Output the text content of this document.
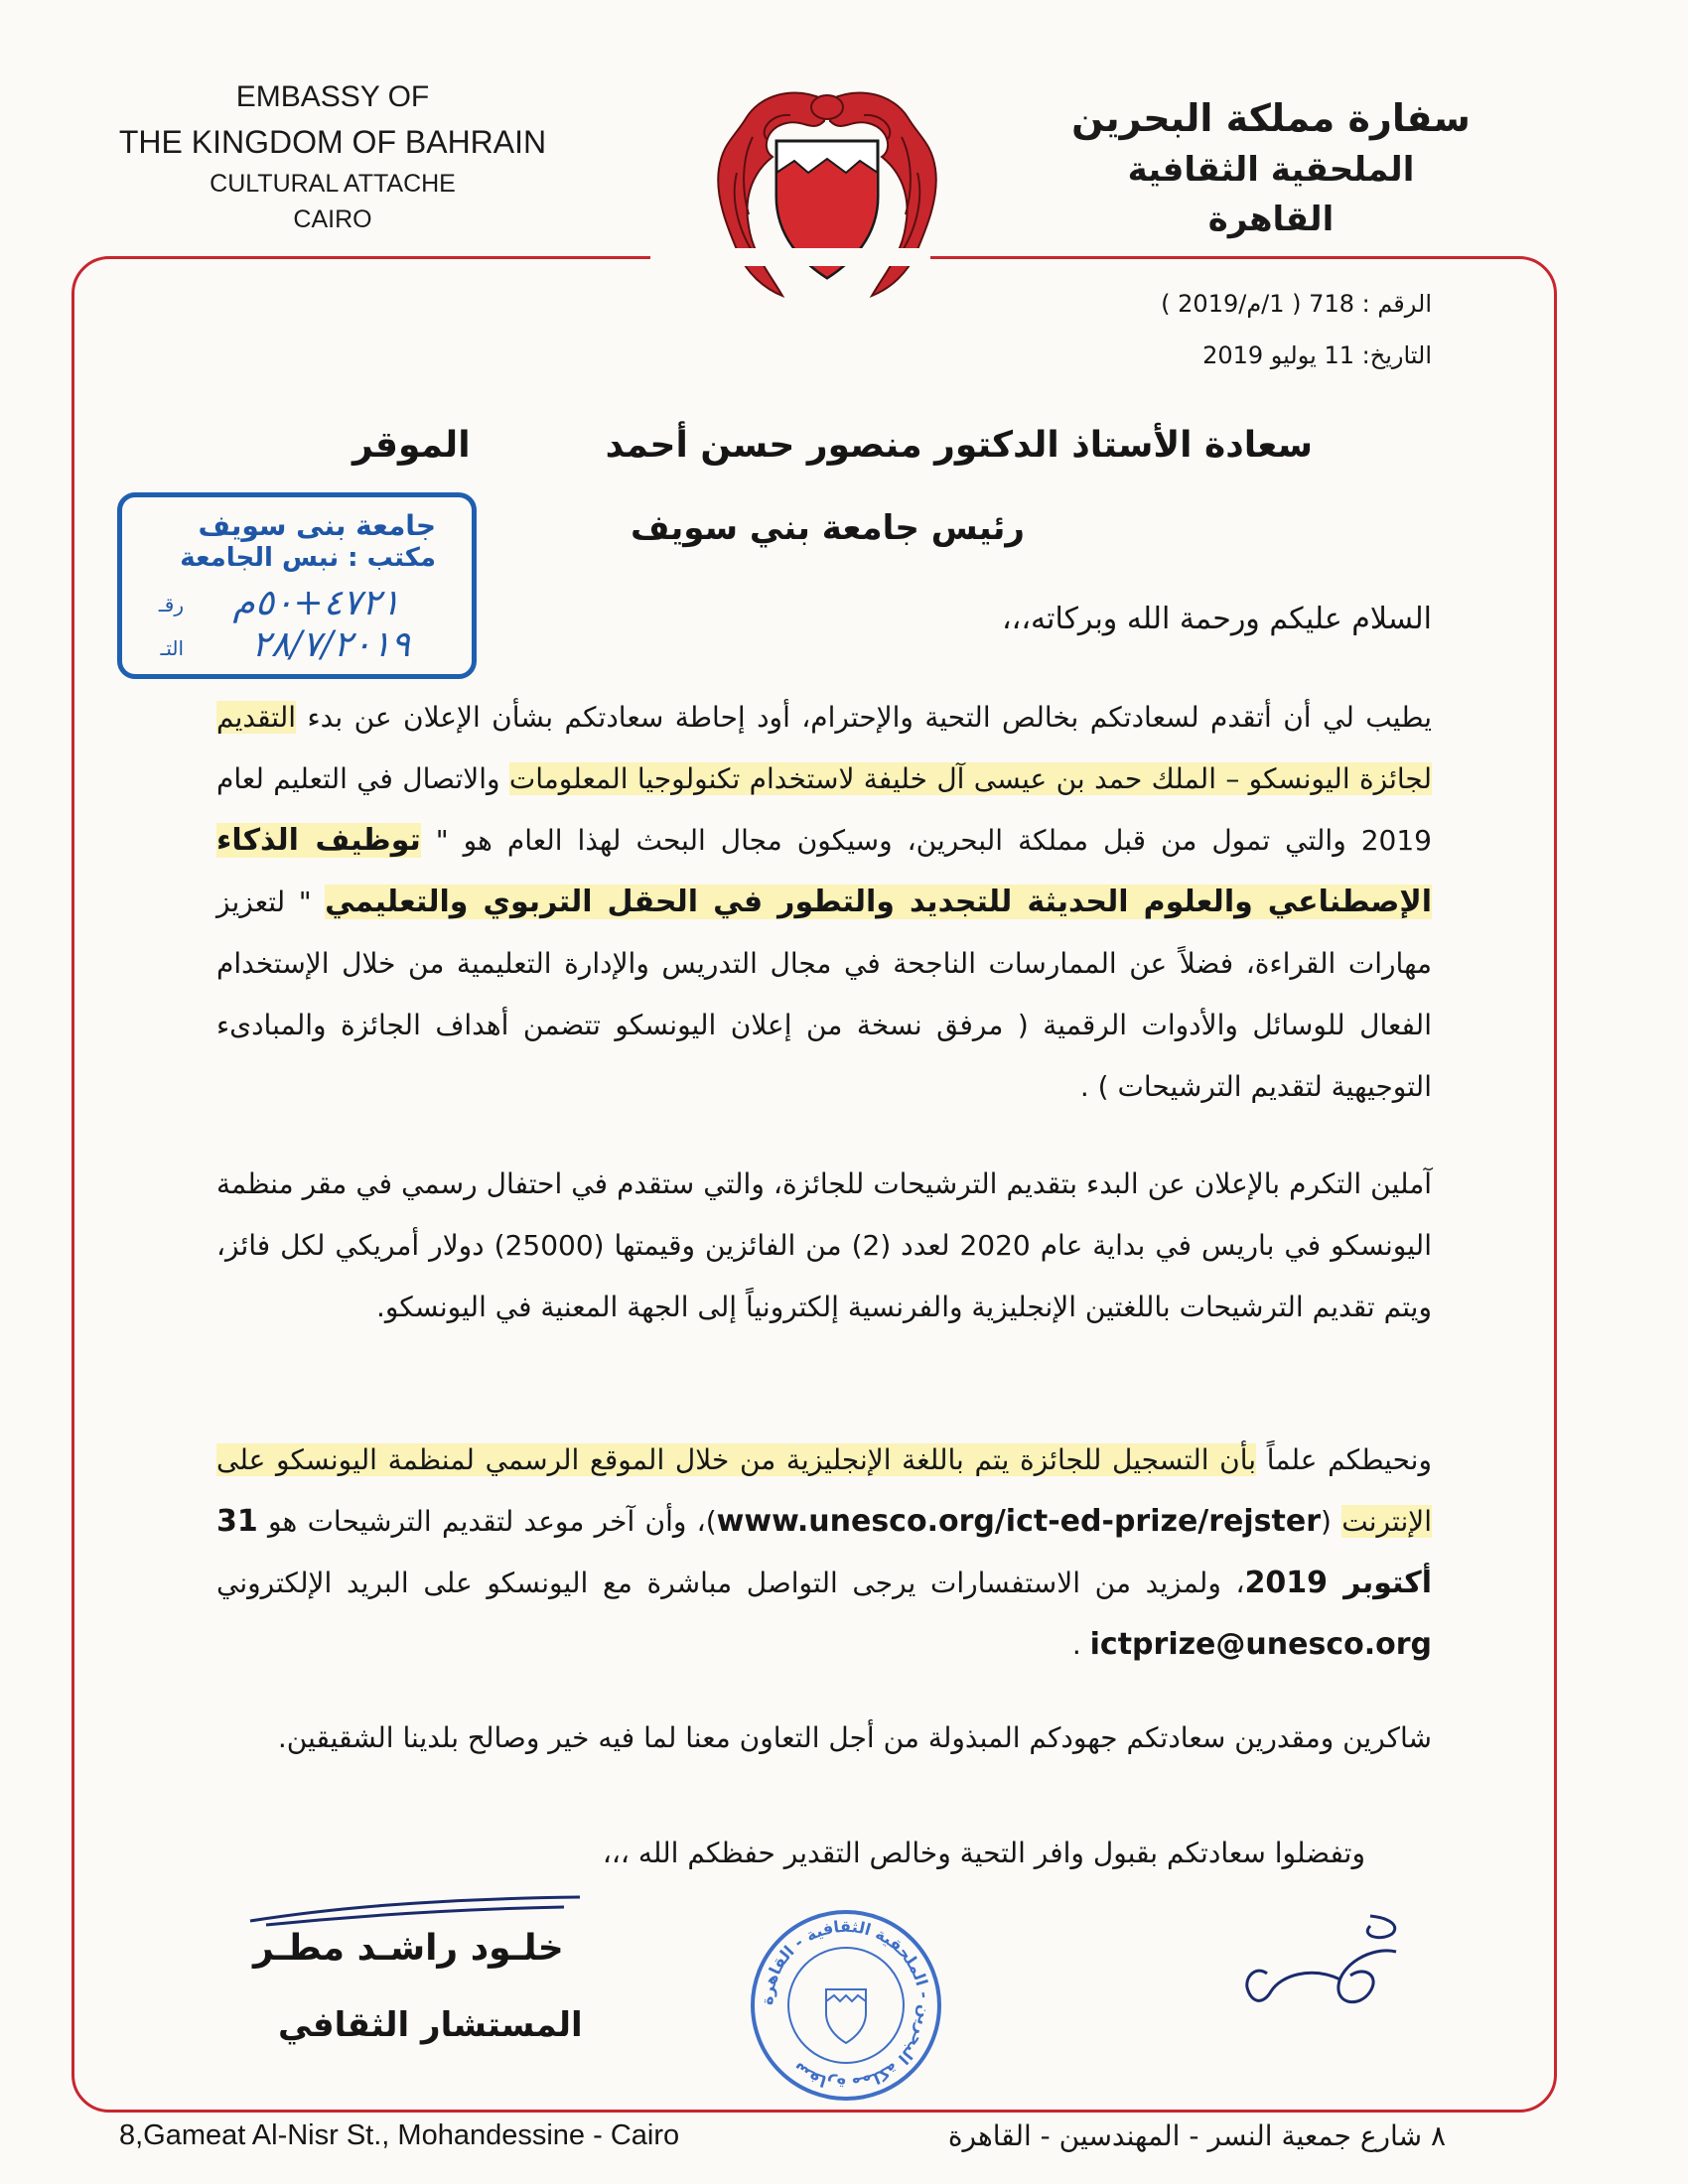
EMBASSY OF
THE KINGDOM OF BAHRAIN
CULTURAL ATTACHE
CAIRO
سفارة مملكة البحرين
الملحقية الثقافية
القاهرة
الرقم : 718 ( 1/م/2019 )
التاريخ: 11 يوليو 2019
سعادة الأستاذ الدكتور منصور حسن أحمد
الموقر
رئيس جامعة بني سويف
جامعة بنى سويف
مكتب : نبس الجامعة
رقـ ٤٧٢١+٥٠م
التـ ٢٨/٧/٢٠١٩
السلام عليكم ورحمة الله وبركاته،،،
يطيب لي أن أتقدم لسعادتكم بخالص التحية والإحترام، أود إحاطة سعادتكم بشأن الإعلان عن بدء التقديم لجائزة اليونسكو – الملك حمد بن عيسى آل خليفة لاستخدام تكنولوجيا المعلومات والاتصال في التعليم لعام 2019 والتي تمول من قبل مملكة البحرين، وسيكون مجال البحث لهذا العام هو " توظيف الذكاء الإصطناعي والعلوم الحديثة للتجديد والتطور في الحقل التربوي والتعليمي " لتعزيز مهارات القراءة، فضلاً عن الممارسات الناجحة في مجال التدريس والإدارة التعليمية من خلال الإستخدام الفعال للوسائل والأدوات الرقمية ( مرفق نسخة من إعلان اليونسكو تتضمن أهداف الجائزة والمبادىء التوجيهية لتقديم الترشيحات ) .
آملين التكرم بالإعلان عن البدء بتقديم الترشيحات للجائزة، والتي ستقدم في احتفال رسمي في مقر منظمة اليونسكو في باريس في بداية عام 2020 لعدد (2) من الفائزين وقيمتها (25000) دولار أمريكي لكل فائز، ويتم تقديم الترشيحات باللغتين الإنجليزية والفرنسية إلكترونياً إلى الجهة المعنية في اليونسكو.
ونحيطكم علماً بأن التسجيل للجائزة يتم باللغة الإنجليزية من خلال الموقع الرسمي لمنظمة اليونسكو على الإنترنت (www.unesco.org/ict-ed-prize/rejster)، وأن آخر موعد لتقديم الترشيحات هو 31 أكتوبر 2019، ولمزيد من الاستفسارات يرجى التواصل مباشرة مع اليونسكو على البريد الإلكتروني ictprize@unesco.org .
شاكرين ومقدرين سعادتكم جهودكم المبذولة من أجل التعاون معنا لما فيه خير وصالح بلدينا الشقيقين.
وتفضلوا سعادتكم بقبول وافر التحية وخالص التقدير حفظكم الله ،،،
خلـود راشـد مطـر
المستشار الثقافي
سفارة مملكة البحرين - الملحقية الثقافية - القاهرة
8,Gameat Al-Nisr St., Mohandessine - Cairo	٨ شارع جمعية النسر - المهندسين - القاهرة
